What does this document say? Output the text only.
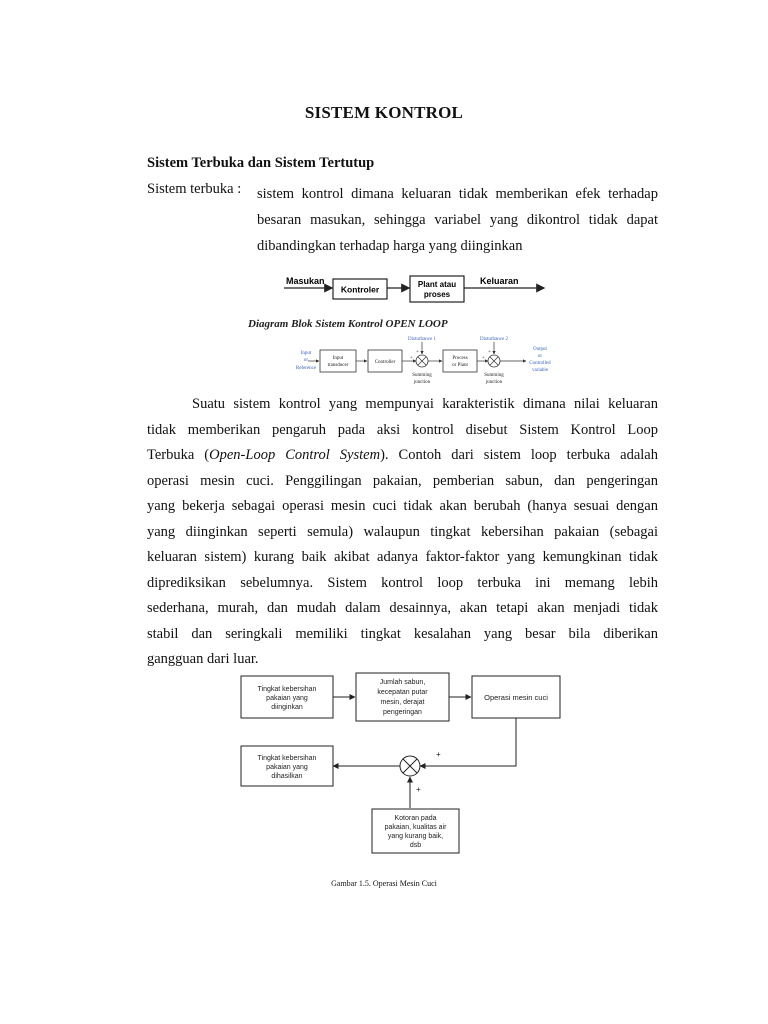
SISTEM KONTROL
Sistem Terbuka dan Sistem Tertutup
Sistem terbuka : sistem kontrol dimana keluaran tidak memberikan efek terhadap
besaran masukan, sehingga variabel yang dikontrol tidak dapat
dibandingkan terhadap harga yang diinginkan
Masukan
Kontroler	Plant atau
proses
Keluaran
Diagram Blok Sistem Kontrol OPEN LOOP
Input
or
Reference
Input
transducer
Controller
Disturbance 1
+
+
Summing
junction
Process
or Plant
Disturbance 2
+
+
Summing
junction
Output
or
Controlled
variable
Suatu sistem kontrol yang mempunyai karakteristik dimana nilai keluaran
tidak memberikan pengaruh pada aksi kontrol disebut Sistem Kontrol Loop
Terbuka (Open-Loop Control System). Contoh dari sistem loop terbuka adalah
operasi mesin cuci. Penggilingan pakaian, pemberian sabun, dan pengeringan
yang bekerja sebagai operasi mesin cuci tidak akan berubah (hanya sesuai dengan
yang diinginkan seperti semula) walaupun tingkat kebersihan pakaian (sebagai
keluaran sistem) kurang baik akibat adanya faktor-faktor yang kemungkinan tidak
diprediksikan sebelumnya. Sistem kontrol loop terbuka ini memang lebih
sederhana, murah, dan mudah dalam desainnya, akan tetapi akan menjadi tidak
stabil dan seringkali memiliki tingkat kesalahan yang besar bila diberikan
gangguan dari luar.
Tingkat kebersihan
pakaian yang
diinginkan
Jumlah sabun,
kecepatan putar
mesin, derajat
pengeringan
Operasi mesin cuci
+
Tingkat kebersihan
pakaian yang
dihasilkan
+
Kotoran pada
pakaian, kualitas air
yang kurang baik,
dsb
Gambar 1.5. Operasi Mesin Cuci
